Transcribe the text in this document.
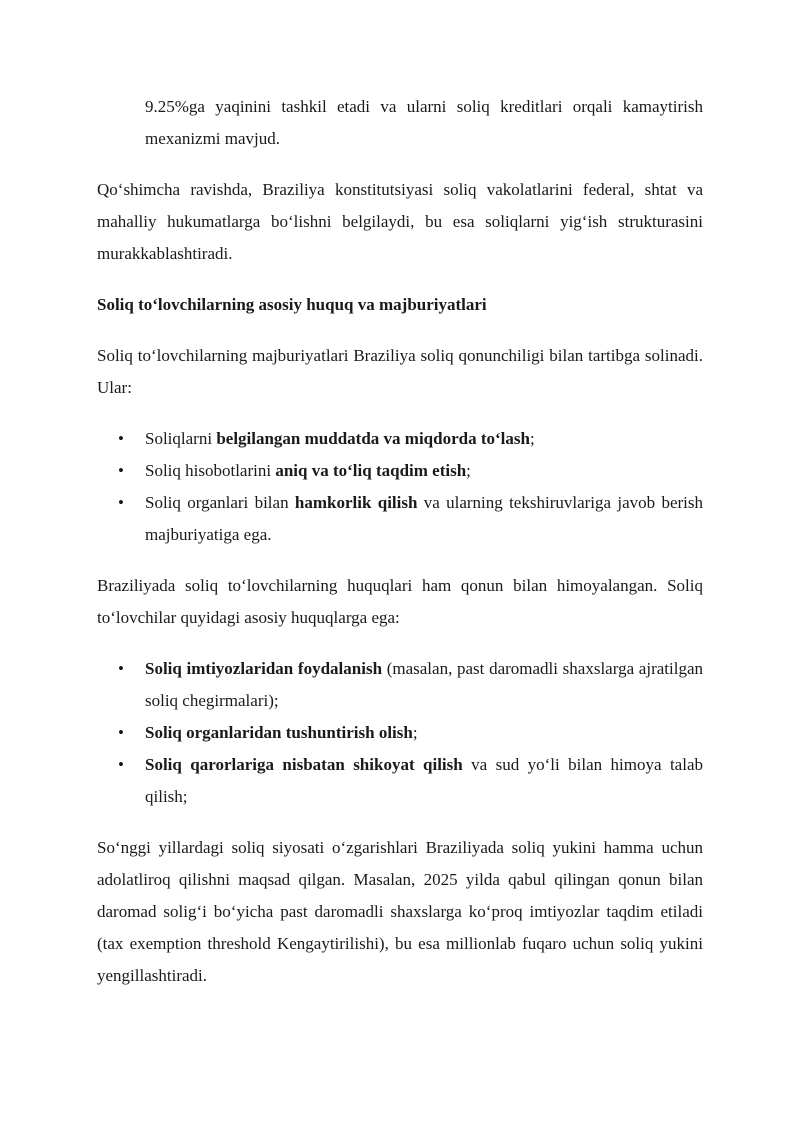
9.25%ga yaqinini tashkil etadi va ularni soliq kreditlari orqali kamaytirish mexanizmi mavjud.

Qo‘shimcha ravishda, Braziliya konstitutsiyasi soliq vakolatlarini federal, shtat va mahalliy hukumatlarga bo‘lishni belgilaydi, bu esa soliqlarni yig‘ish strukturasini murakkablashtiradi.

Soliq to‘lovchilarning asosiy huquq va majburiyatlari

Soliq to‘lovchilarning majburiyatlari Braziliya soliq qonunchiligi bilan tartibga solinadi. Ular:

• Soliqlarni belgilangan muddatda va miqdorda to‘lash;
• Soliq hisobotlarini aniq va to‘liq taqdim etish;
• Soliq organlari bilan hamkorlik qilish va ularning tekshiruvlariga javob berish majburiyatiga ega.

Braziliyada soliq to‘lovchilarning huquqlari ham qonun bilan himoyalangan. Soliq to‘lovchilar quyidagi asosiy huquqlarga ega:

• Soliq imtiyozlaridan foydalanish (masalan, past daromadli shaxslarga ajratilgan soliq chegirmalari);
• Soliq organlaridan tushuntirish olish;
• Soliq qarorlariga nisbatan shikoyat qilish va sud yo‘li bilan himoya talab qilish;

So‘nggi yillardagi soliq siyosati o‘zgarishlari Braziliyada soliq yukini hamma uchun adolatliroq qilishni maqsad qilgan. Masalan, 2025 yilda qabul qilingan qonun bilan daromad solig‘i bo‘yicha past daromadli shaxslarga ko‘proq imtiyozlar taqdim etiladi (tax exemption threshold Kengaytirilishi), bu esa millionlab fuqaro uchun soliq yukini yengillashtiradi.
